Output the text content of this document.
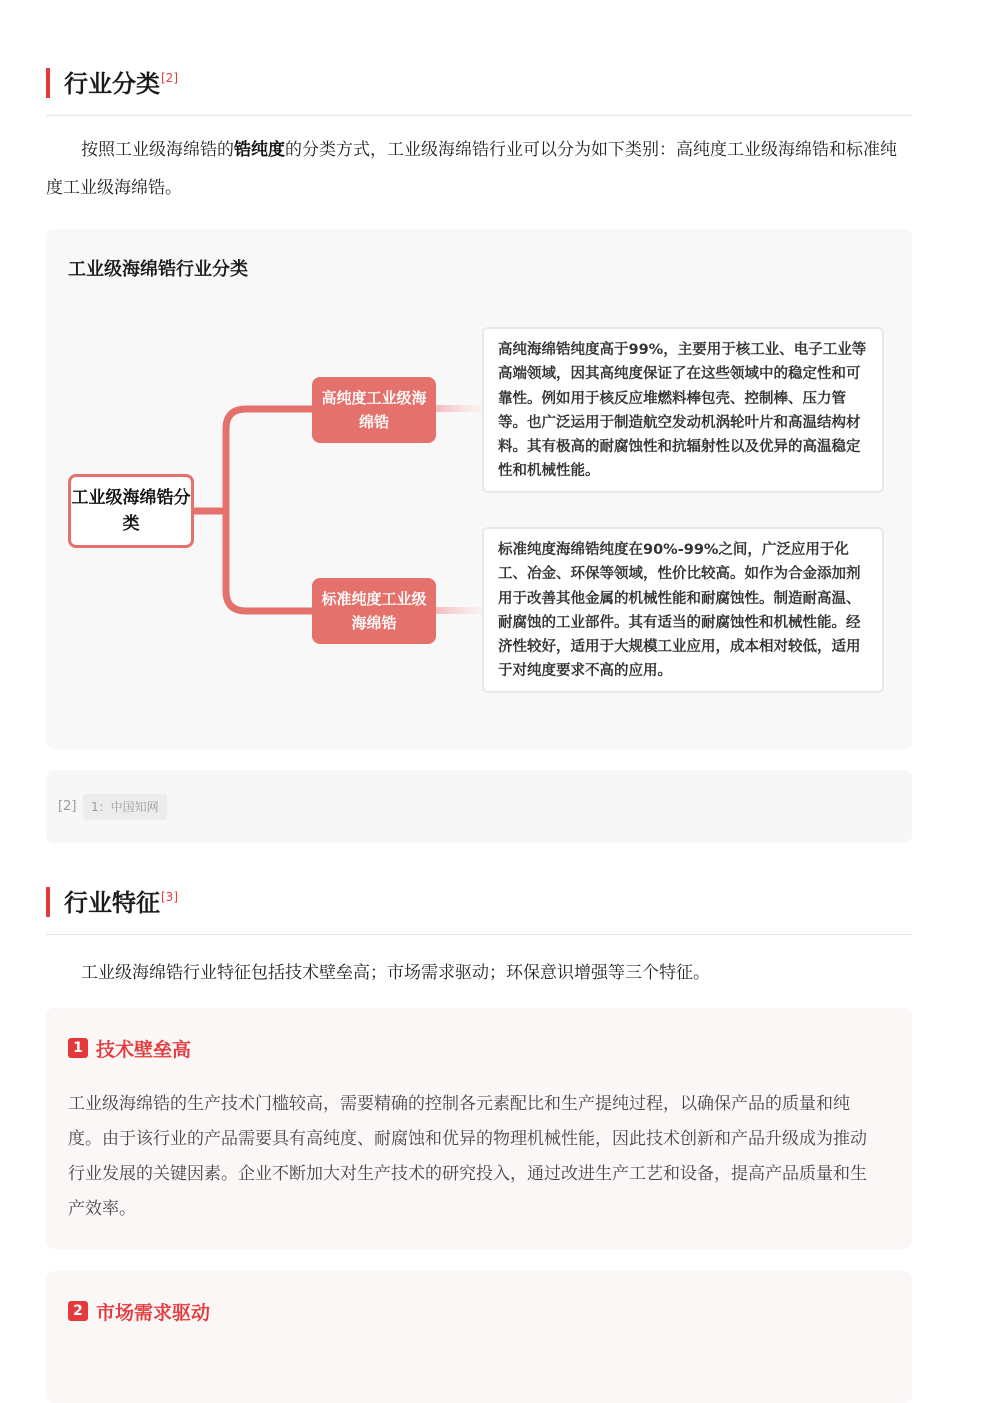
行业分类[2]
按照工业级海绵锆的锆纯度的分类方式，工业级海绵锆行业可以分为如下类别：高纯度工业级海绵锆和标准纯度工业级海绵锆。
工业级海绵锆行业分类
工业级海绵锆分类
高纯度工业级海绵锆
标准纯度工业级海绵锆
高纯海绵锆纯度高于99%，主要用于核工业、电子工业等高端领域，因其高纯度保证了在这些领域中的稳定性和可靠性。例如用于核反应堆燃料棒包壳、控制棒、压力管等。也广泛运用于制造航空发动机涡轮叶片和高温结构材料。其有极高的耐腐蚀性和抗辐射性以及优异的高温稳定性和机械性能。
标准纯度海绵锆纯度在90%-99%之间，广泛应用于化工、冶金、环保等领域，性价比较高。如作为合金添加剂用于改善其他金属的机械性能和耐腐蚀性。制造耐高温、耐腐蚀的工业部件。其有适当的耐腐蚀性和机械性能。经济性较好，适用于大规模工业应用，成本相对较低，适用于对纯度要求不高的应用。
[2]	1：中国知网
行业特征[3]
工业级海绵锆行业特征包括技术壁垒高；市场需求驱动；环保意识增强等三个特征。
1 技术壁垒高
工业级海绵锆的生产技术门槛较高，需要精确的控制各元素配比和生产提纯过程，以确保产品的质量和纯度。由于该行业的产品需要具有高纯度、耐腐蚀和优异的物理机械性能，因此技术创新和产品升级成为推动行业发展的关键因素。企业不断加大对生产技术的研究投入，通过改进生产工艺和设备，提高产品质量和生产效率。
2 市场需求驱动
